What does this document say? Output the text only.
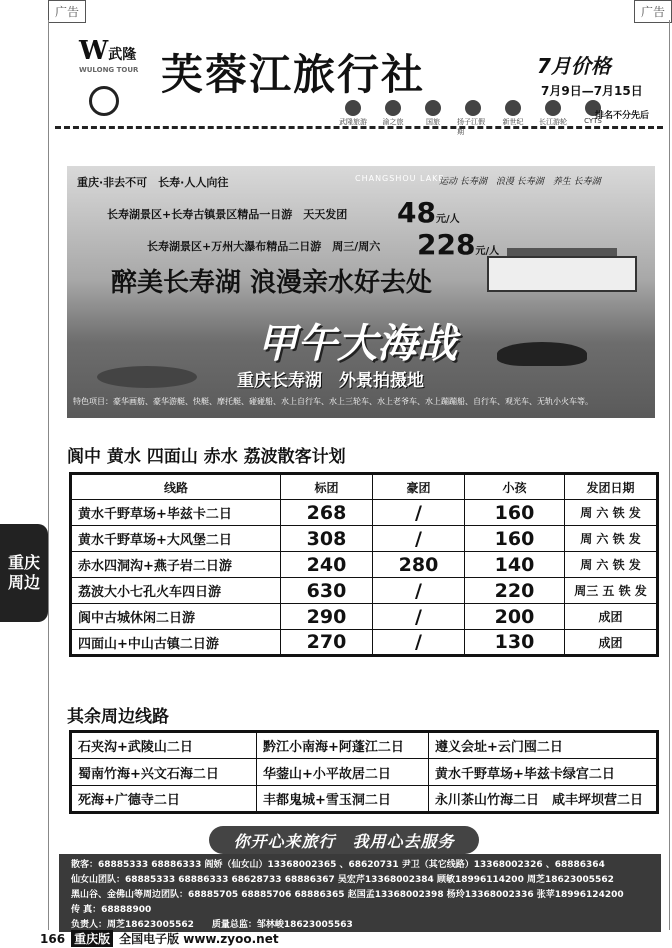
广告	广告
重庆
周边
W武隆
WULONG TOUR 芙蓉江旅行社	7月价格
7月9日—7月15日
武隆旅游 渝之旅	国旅 扬子江假期
新世纪 长江游轮 CYTS
排名不分先后
重庆·非去不可　长寿·人人向往	CHANGSHOU LAKE
运动 长寿湖　浪漫 长寿湖　养生 长寿湖
长寿湖景区+长寿古镇景区精品一日游　天天发团 48元/人
长寿湖景区+万州大瀑布精品二日游　周三/周六 228元/人
醉美长寿湖 浪漫亲水好去处
甲午大海战
重庆长寿湖　外景拍摄地
特色项目：豪华画舫、豪华游艇、快艇、摩托艇、碰碰船、水上自行车、水上三轮车、水上老爷车、水上蹦蹦船、自行车、观光车、无轨小火车等。
阆中 黄水 四面山 赤水 荔波散客计划
线路	标团	豪团	小孩	发团日期
黄水千野草场+毕兹卡二日	268	/	160	周 六 铁 发
黄水千野草场+大风堡二日	308	/	160	周 六 铁 发
赤水四洞沟+燕子岩二日游	240	280	140	周 六 铁 发
荔波大小七孔火车四日游	630	/	220	周三 五 铁 发
阆中古城休闲二日游	290	/	200	成团
四面山+中山古镇二日游	270	/	130	成团
其余周边线路
石夹沟+武陵山二日	黔江小南海+阿蓬江二日	遵义会址+云门囤二日
蜀南竹海+兴文石海二日	华蓥山+小平故居二日	黄水千野草场+毕兹卡绿宫二日
死海+广德寺二日	丰都鬼城+雪玉洞二日	永川茶山竹海二日　咸丰坪坝营二日
你开心来旅行　我用心去服务
散客：68885333 68886333 阎娇（仙女山）13368002365 、68620731 尹卫（其它线路）13368002326 、68886364
仙女山团队：68885333 68886333 68628733 68886367 吴宏芹13368002384 顾敏18996114200 周芝18623005562
黑山谷、金佛山等周边团队：68885705 68885706 68886365 赵国孟13368002398 杨玲13368002336 张苹18996124200
传 真：68888900
负责人：周芝18623005562　　质量总监：邹林峻18623005563
166 重庆版 全国电子版 www.zyoo.net
